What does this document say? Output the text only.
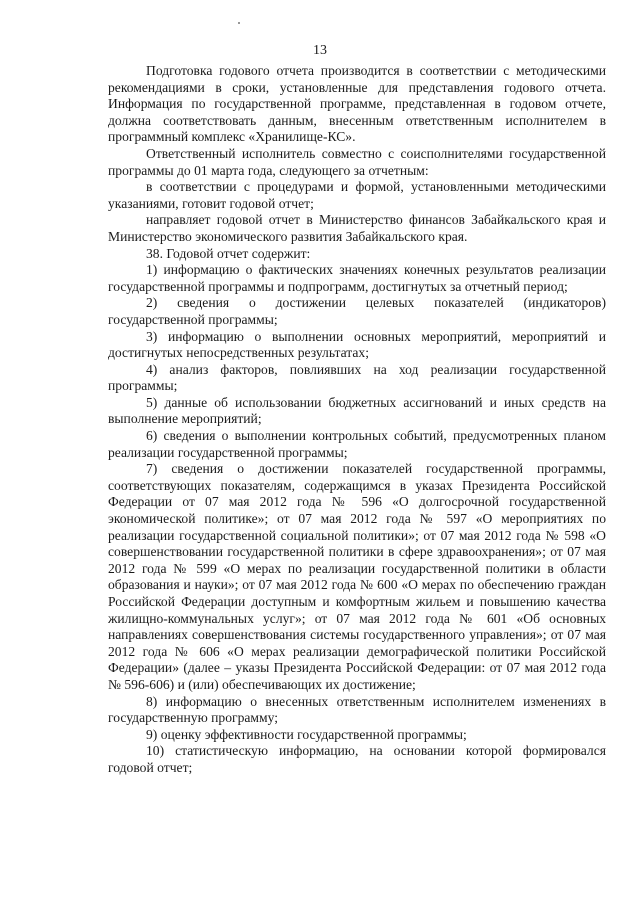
13

Подготовка годового отчета производится в соответствии с методическими рекомендациями в сроки, установленные для представления годового отчета. Информация по государственной программе, представленная в годовом отчете, должна соответствовать данным, внесенным ответственным исполнителем в программный комплекс «Хранилище-КС».

Ответственный исполнитель совместно с соисполнителями государственной программы до 01 марта года, следующего за отчетным:

в соответствии с процедурами и формой, установленными методическими указаниями, готовит годовой отчет;

направляет годовой отчет в Министерство финансов Забайкальского края и Министерство экономического развития Забайкальского края.

38. Годовой отчет содержит:

1) информацию о фактических значениях конечных результатов реализации государственной программы и подпрограмм, достигнутых за отчетный период;

2) сведения о достижении целевых показателей (индикаторов) государственной программы;

3) информацию о выполнении основных мероприятий, мероприятий и достигнутых непосредственных результатах;

4) анализ факторов, повлиявших на ход реализации государственной программы;

5) данные об использовании бюджетных ассигнований и иных средств на выполнение мероприятий;

6) сведения о выполнении контрольных событий, предусмотренных планом реализации государственной программы;

7) сведения о достижении показателей государственной программы, соответствующих показателям, содержащимся в указах Президента Российской Федерации от 07 мая 2012 года № 596 «О долгосрочной государственной экономической политике»; от 07 мая 2012 года № 597 «О мероприятиях по реализации государственной социальной политики»; от 07 мая 2012 года № 598 «О совершенствовании государственной политики в сфере здравоохранения»; от 07 мая 2012 года № 599 «О мерах по реализации государственной политики в области образования и науки»; от 07 мая 2012 года № 600 «О мерах по обеспечению граждан Российской Федерации доступным и комфортным жильем и повышению качества жилищно-коммунальных услуг»; от 07 мая 2012 года № 601 «Об основных направлениях совершенствования системы государственного управления»; от 07 мая 2012 года № 606 «О мерах реализации демографической политики Российской Федерации» (далее – указы Президента Российской Федерации: от 07 мая 2012 года № 596-606) и (или) обеспечивающих их достижение;

8) информацию о внесенных ответственным исполнителем изменениях в государственную программу;

9) оценку эффективности государственной программы;

10) статистическую информацию, на основании которой формировался годовой отчет;
